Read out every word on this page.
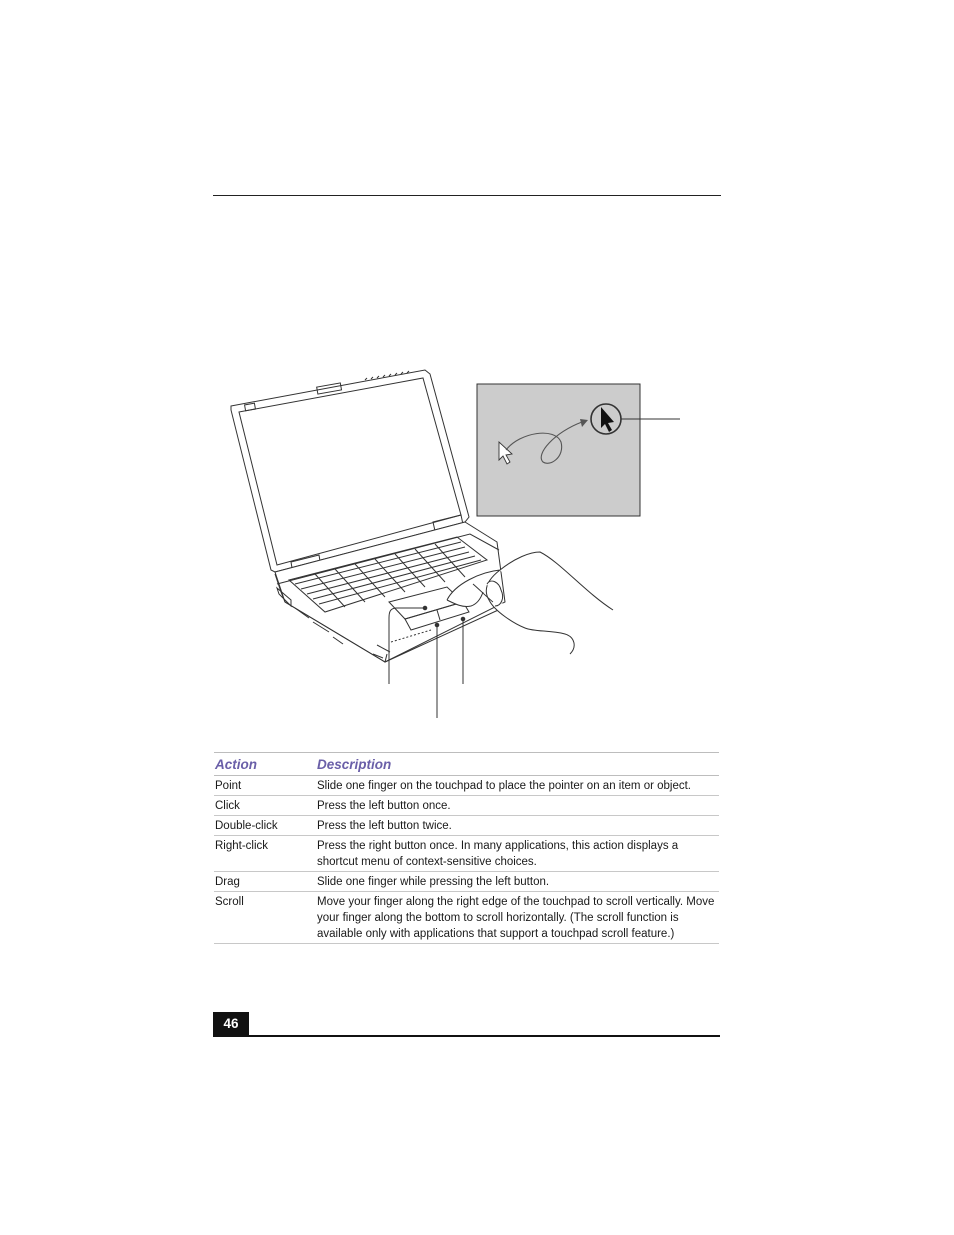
Action	Description
Point	Slide one finger on the touchpad to place the pointer on an item or object.
Click	Press the left button once.
Double-click	Press the left button twice.
Right-click	Press the right button once. In many applications, this action displays a shortcut menu of context-sensitive choices.
Drag	Slide one finger while pressing the left button.
Scroll	Move your finger along the right edge of the touchpad to scroll vertically. Move your finger along the bottom to scroll horizontally. (The scroll function is available only with applications that support a touchpad scroll feature.)
46
